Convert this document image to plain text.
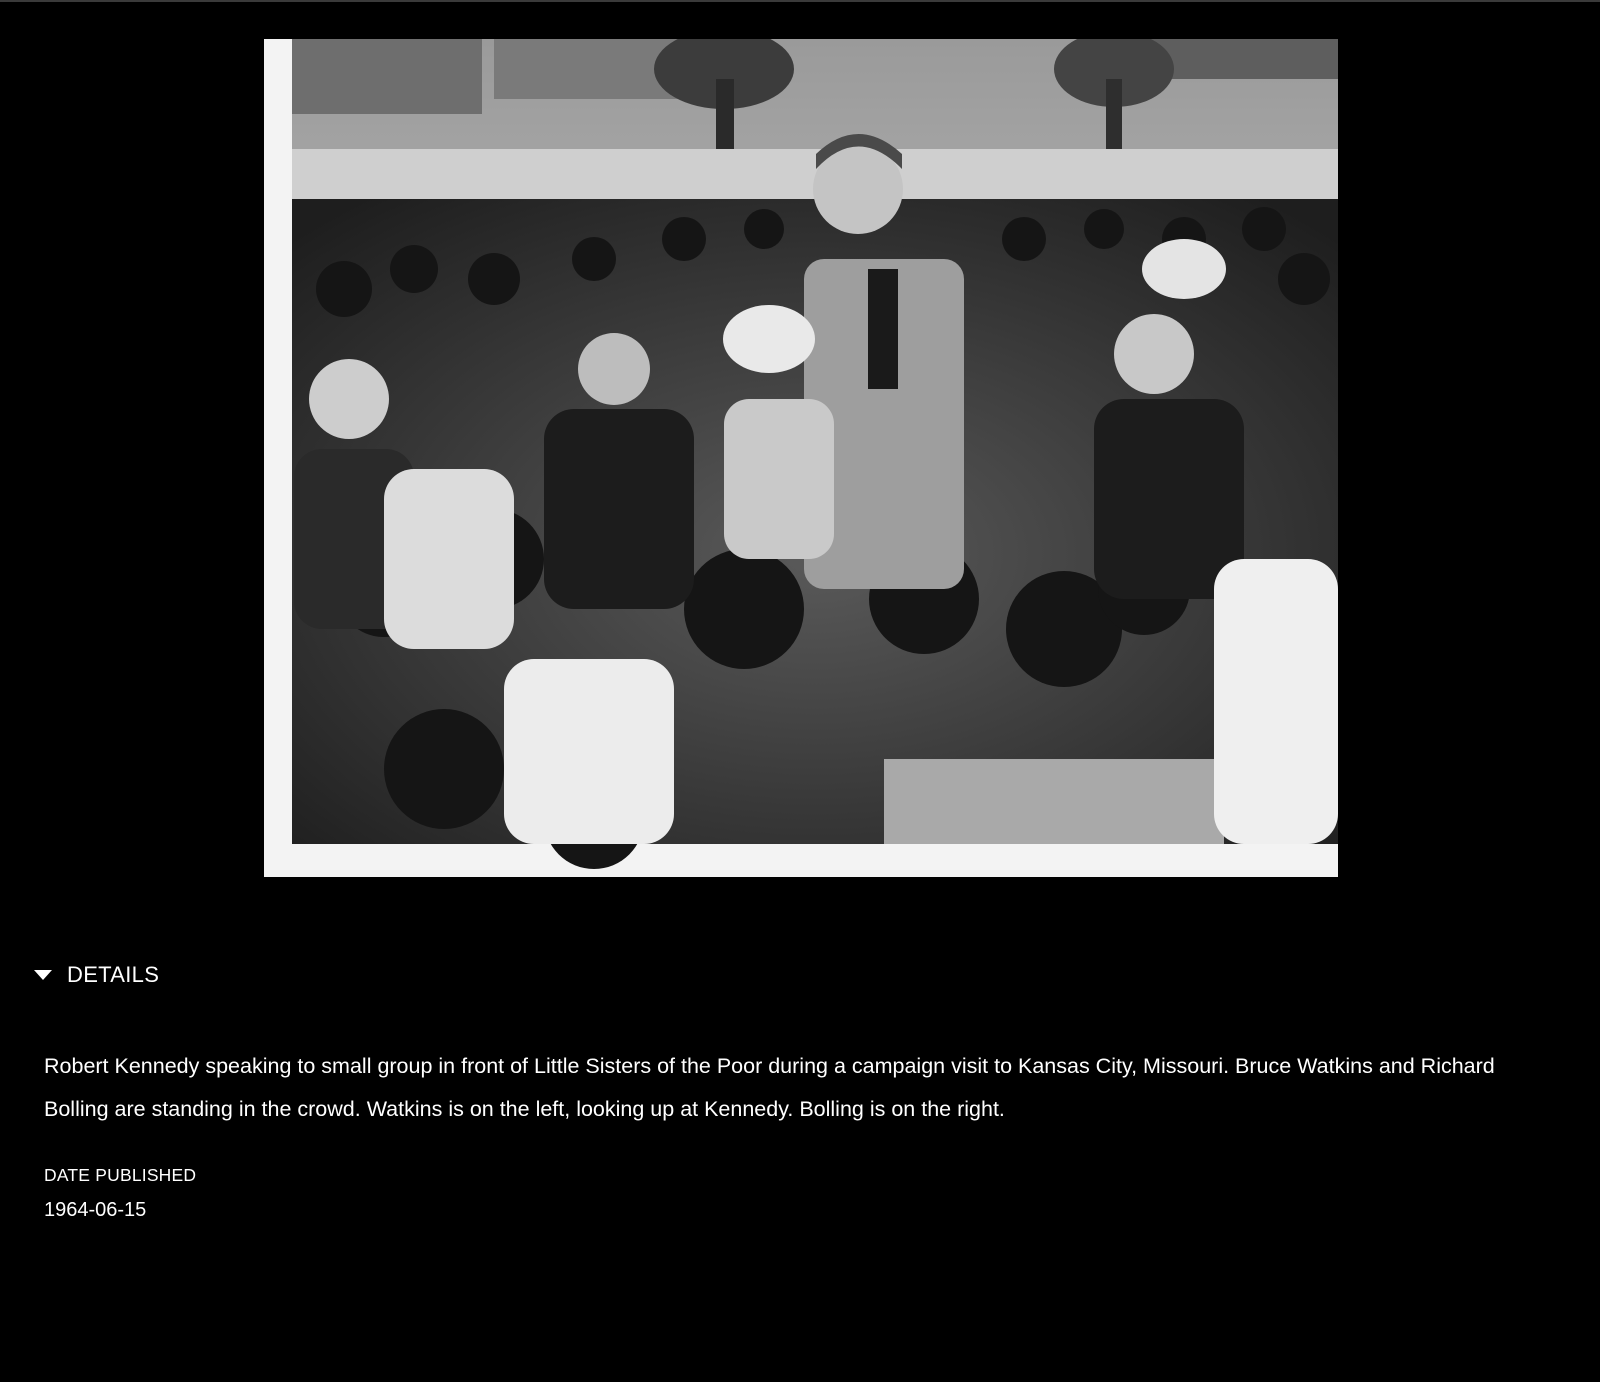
DETAILS
Robert Kennedy speaking to small group in front of Little Sisters of the Poor during a campaign visit to Kansas City, Missouri. Bruce Watkins and Richard Bolling are standing in the crowd. Watkins is on the left, looking up at Kennedy. Bolling is on the right.
DATE PUBLISHED
1964-06-15
